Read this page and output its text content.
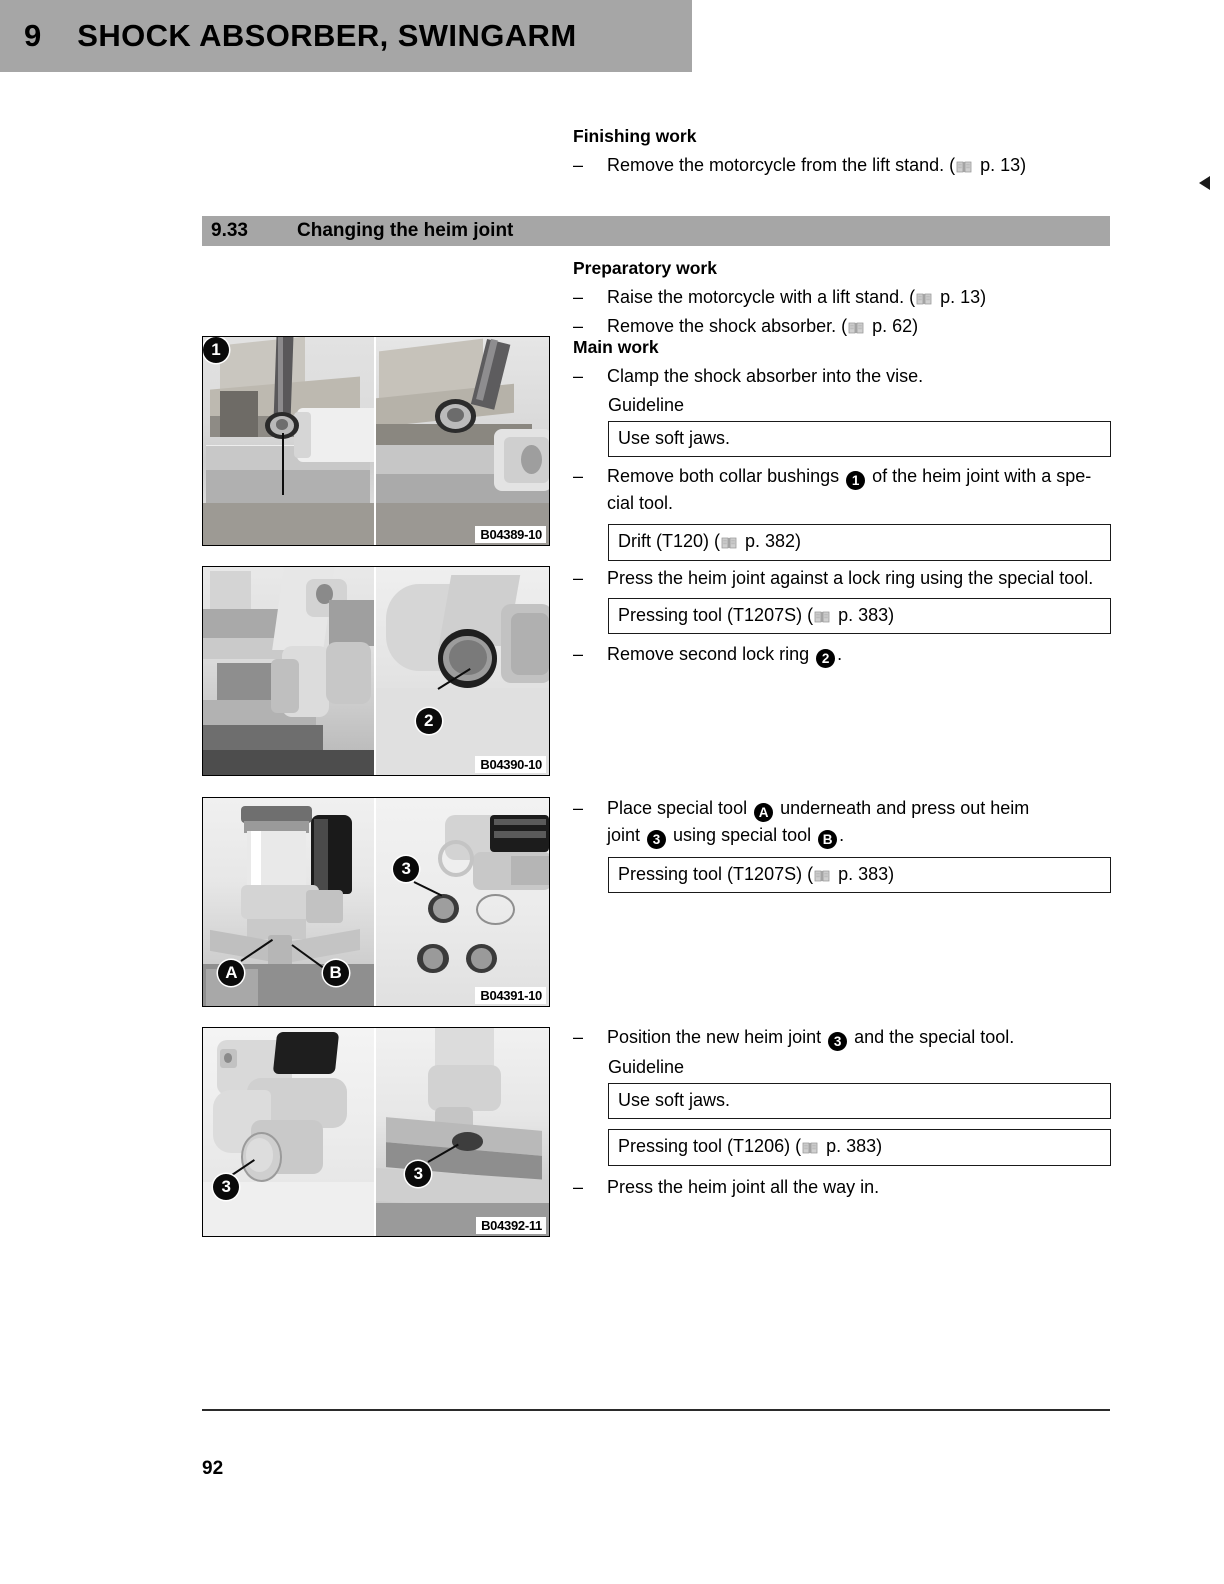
9 SHOCK ABSORBER, SWINGARM
Finishing work
–	Remove the motorcycle from the lift stand. ( p. 13)
9.33	Changing the heim joint
Preparatory work
–	Raise the motorcycle with a lift stand. ( p. 13)
–	Remove the shock absorber. ( p. 62)
Main work
–	Clamp the shock absorber into the vise.
Guideline
Use soft jaws.
–	Remove both collar bushings 1 of the heim joint with a spe-
cial tool.
Drift (T120) ( p. 382)
–	Press the heim joint against a lock ring using the special tool.
Pressing tool (T1207S) ( p. 383)
–	Remove second lock ring 2 .
–	Place special tool A underneath and press out heim
joint 3 using special tool B .
Pressing tool (T1207S) ( p. 383)
–	Position the new heim joint 3 and the special tool.
Guideline
Use soft jaws.
Pressing tool (T1206) ( p. 383)
–	Press the heim joint all the way in.
1
B04389-10
2
B04390-10
A	B
3
B04391-10
3
3
B04392-11
92
